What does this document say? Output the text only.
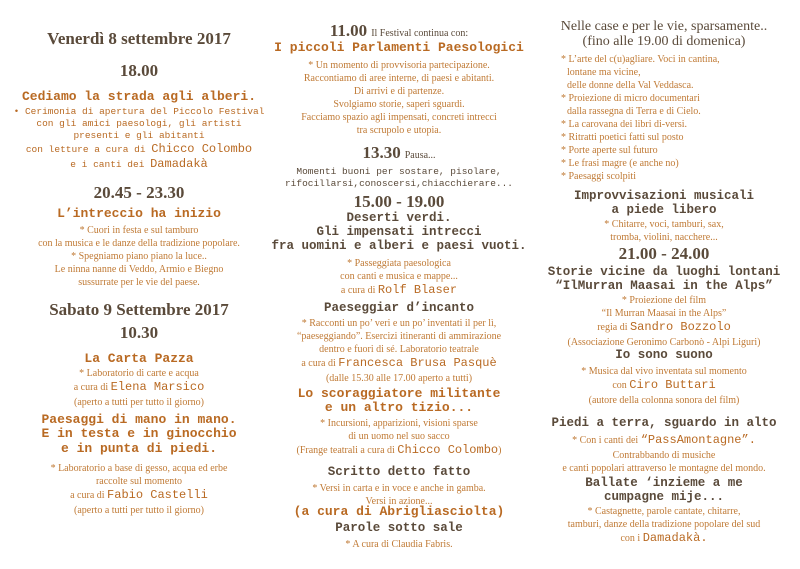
Venerdì 8 settembre 2017
18.00
Cediamo la strada agli alberi.
• Cerimonia di apertura del Piccolo Festival
con gli amici paesologi, gli artisti
presenti e gli abitanti
con letture a cura di Chicco Colombo
e i canti dei Damadakà
20.45 - 23.30
L’intreccio ha inizio
* Cuori in festa e sul tamburo
con la musica e le danze della tradizione popolare.
* Spegniamo piano piano la luce..
Le ninna nanne di Veddo, Armio e Biegno
sussurrate per le vie del paese.
Sabato 9 Settembre 2017
10.30
La Carta Pazza
* Laboratorio di carte e acqua
a cura di Elena Marsico
(aperto a tutti per tutto il giorno)
Paesaggi di mano in mano.
E in testa e in ginocchio
e in punta di piedi.
* Laboratorio a base di gesso, acqua ed erbe
raccolte sul momento
a cura di Fabio Castelli
(aperto a tutti per tutto il giorno)
11.00 Il Festival continua con:
I piccoli Parlamenti Paesologici
* Un momento di provvisoria partecipazione.
Raccontiamo di aree interne, di paesi e abitanti.
Di arrivi e di partenze.
Svolgiamo storie, saperi sguardi.
Facciamo spazio agli impensati, concreti intrecci
tra scrupolo e utopia.
13.30 Pausa...
Momenti buoni per sostare, pisolare,
rifocillarsi,conoscersi,chiacchierare...
15.00 - 19.00
Deserti verdi.
Gli impensati intrecci
fra uomini e alberi e paesi vuoti.
* Passeggiata paesologica
con canti e musica e mappe...
a cura di Rolf Blaser
Paeseggiar d’incanto
* Racconti un po’ veri e un po’ inventati il per lì,
“paeseggiando”. Esercizi itineranti di ammirazione
dentro e fuori di sé. Laboratorio teatrale
a cura di Francesca Brusa Pasquè
(dalle 15.30 alle 17.00 aperto a tutti)
Lo scoraggiatore militante
e un altro tizio...
* Incursioni, apparizioni, visioni sparse
di un uomo nel suo sacco
(Frange teatrali a cura di Chicco Colombo)
Scritto detto fatto
* Versi in carta e in voce e anche in gamba.
Versi in azione...
(a cura di Abrigliasciolta)
Parole sotto sale
* A cura di Claudia Fabris.
Nelle case e per le vie, sparsamente..
(fino alle 19.00 di domenica)
* L’arte del c(u)agliare. Voci in cantina,
lontane ma vicine,
delle donne della Val Veddasca.
* Proiezione di micro documentari
dalla rassegna di Terra e di Cielo.
* La carovana dei libri di-versi.
* Ritratti poetici fatti sul posto
* Porte aperte sul futuro
* Le frasi magre (e anche no)
* Paesaggi scolpiti
Improvvisazioni musicali
a piede libero
* Chitarre, voci, tamburi, sax,
tromba, violini, nacchere...
21.00 - 24.00
Storie vicine da luoghi lontani
“IlMurran Maasai in the Alps”
* Proiezione del film
“Il Murran Maasai in the Alps”
regia di Sandro Bozzolo
(Associazione Geronimo Carbonò - Alpi Liguri)
Io sono suono
* Musica dal vivo inventata sul momento
con Ciro Buttari
(autore della colonna sonora del film)
Piedi a terra, sguardo in alto
* Con i canti dei “PassAmontagne”.
Contrabbando di musiche
e canti popolari attraverso le montagne del mondo.
Ballate ‘inzieme a me
cumpagne mije...
* Castagnette, parole cantate, chitarre,
tamburi, danze della tradizione popolare del sud
con i Damadakà.
